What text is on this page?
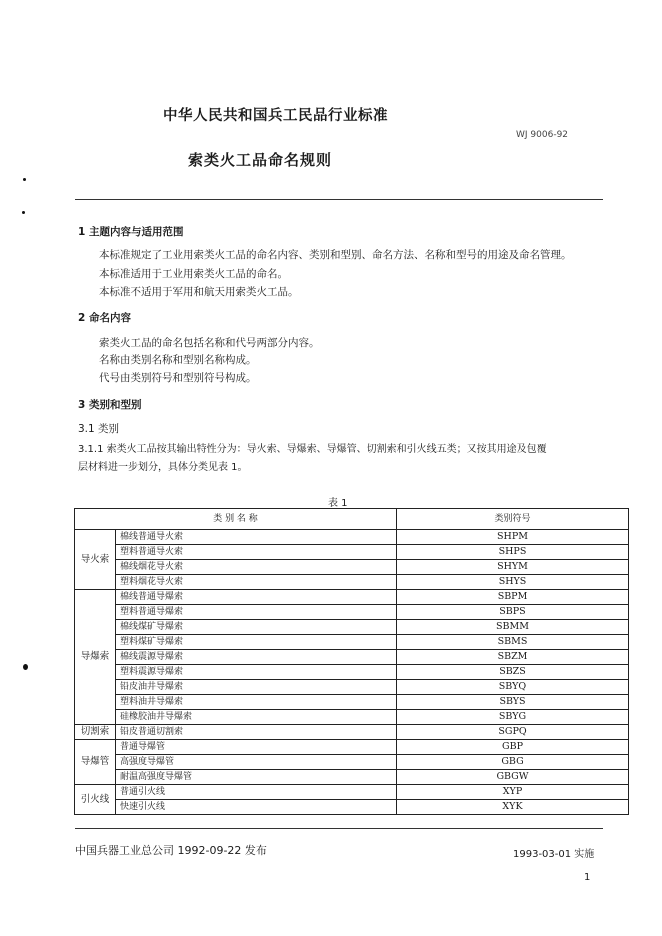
中华人民共和国兵工民品行业标准
WJ 9006-92
索类火工品命名规则
1 主题内容与适用范围
本标准规定了工业用索类火工品的命名内容、类别和型别、命名方法、名称和型号的用途及命名管理。
本标准适用于工业用索类火工品的命名。
本标准不适用于军用和航天用索类火工品。
2 命名内容
索类火工品的命名包括名称和代号两部分内容。
名称由类别名称和型别名称构成。
代号由类别符号和型别符号构成。
3 类别和型别
3.1 类别
3.1.1 索类火工品按其输出特性分为：导火索、导爆索、导爆管、切割索和引火线五类；又按其用途及包覆
层材料进一步划分，具体分类见表 1。
表 1
类 别 名 称		类别符号
导火索	棉线普通导火索	SHPM
	塑料普通导火索	SHPS
	棉线烟花导火索	SHYM
	塑料烟花导火索	SHYS
导爆索	棉线普通导爆索	SBPM
	塑料普通导爆索	SBPS
	棉线煤矿导爆索	SBMM
	塑料煤矿导爆索	SBMS
	棉线震源导爆索	SBZM
	塑料震源导爆索	SBZS
	铅皮油井导爆索	SBYQ
	塑料油井导爆索	SBYS
	硅橡胶油井导爆索	SBYG
切割索	铅皮普通切割索	SGPQ
导爆管	普通导爆管	GBP
	高强度导爆管	GBG
	耐温高强度导爆管	GBGW
引火线	普通引火线	XYP
	快速引火线	XYK
中国兵器工业总公司 1992-09-22 发布	1993-03-01 实施
1
